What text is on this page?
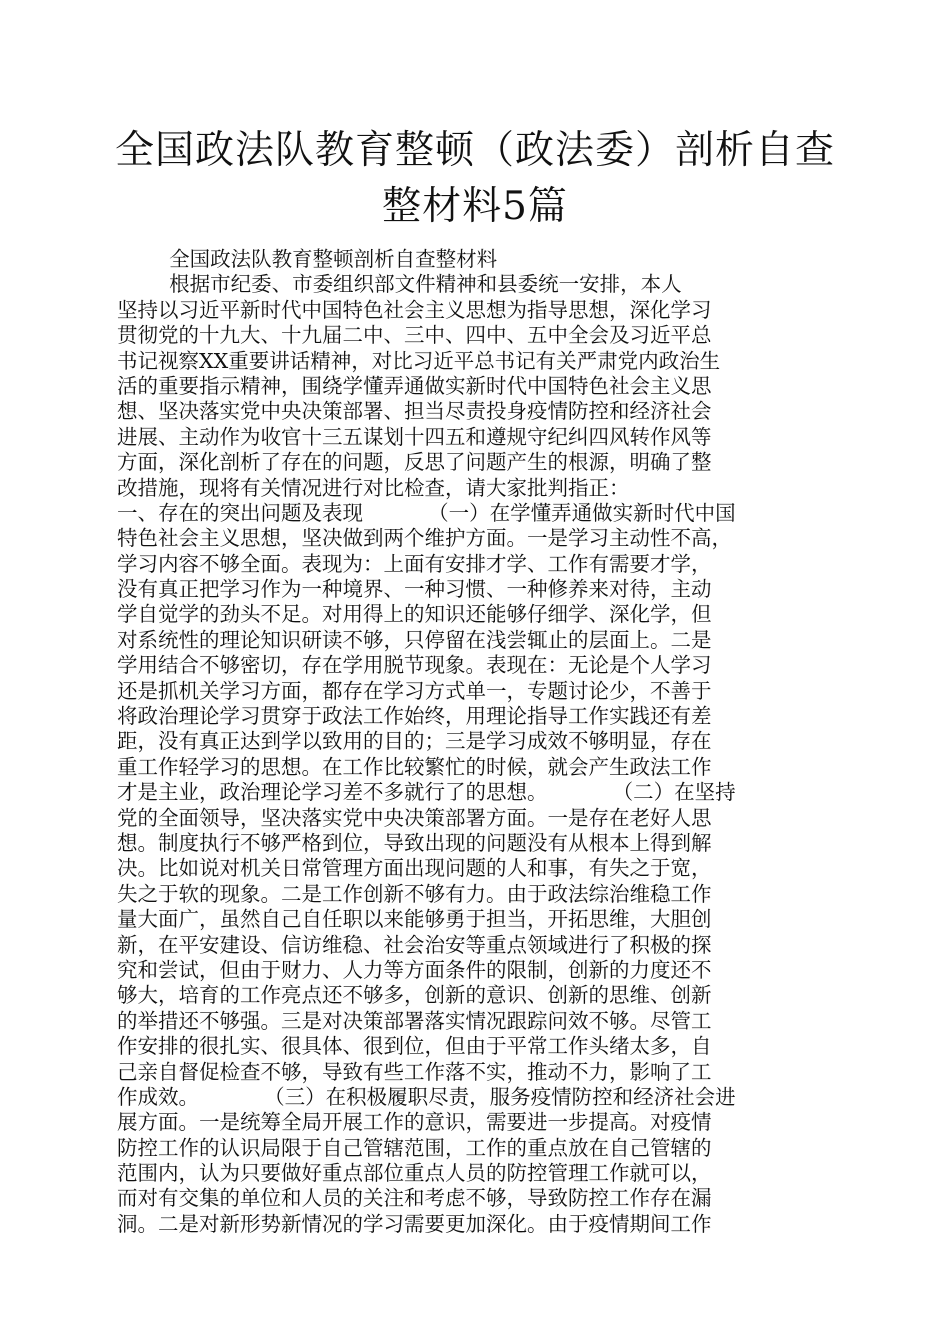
全国政法队教育整顿（政法委）剖析自查
整材料5篇
全国政法队教育整顿剖析自查整材料
根据市纪委、市委组织部文件精神和县委统一安排，本人
坚持以习近平新时代中国特色社会主义思想为指导思想，深化学习
贯彻党的十九大、十九届二中、三中、四中、五中全会及习近平总
书记视察XX重要讲话精神，对比习近平总书记有关严肃党内政治生
活的重要指示精神，围绕学懂弄通做实新时代中国特色社会主义思
想、坚决落实党中央决策部署、担当尽责投身疫情防控和经济社会
进展、主动作为收官十三五谋划十四五和遵规守纪纠四风转作风等
方面，深化剖析了存在的问题，反思了问题产生的根源，明确了整
改措施，现将有关情况进行对比检查，请大家批判指正：
一、存在的突出问题及表现          （一）在学懂弄通做实新时代中国
特色社会主义思想，坚决做到两个维护方面。一是学习主动性不高，
学习内容不够全面。表现为：上面有安排才学、工作有需要才学，
没有真正把学习作为一种境界、一种习惯、一种修养来对待，主动
学自觉学的劲头不足。对用得上的知识还能够仔细学、深化学，但
对系统性的理论知识研读不够，只停留在浅尝辄止的层面上。二是
学用结合不够密切，存在学用脱节现象。表现在：无论是个人学习
还是抓机关学习方面，都存在学习方式单一，专题讨论少，不善于
将政治理论学习贯穿于政法工作始终，用理论指导工作实践还有差
距，没有真正达到学以致用的目的；三是学习成效不够明显，存在
重工作轻学习的思想。在工作比较繁忙的时候，就会产生政法工作
才是主业，政治理论学习差不多就行了的思想。          （二）在坚持
党的全面领导，坚决落实党中央决策部署方面。一是存在老好人思
想。制度执行不够严格到位，导致出现的问题没有从根本上得到解
决。比如说对机关日常管理方面出现问题的人和事，有失之于宽，
失之于软的现象。二是工作创新不够有力。由于政法综治维稳工作
量大面广，虽然自己自任职以来能够勇于担当，开拓思维，大胆创
新，在平安建设、信访维稳、社会治安等重点领域进行了积极的探
究和尝试，但由于财力、人力等方面条件的限制，创新的力度还不
够大，培育的工作亮点还不够多，创新的意识、创新的思维、创新
的举措还不够强。三是对决策部署落实情况跟踪问效不够。尽管工
作安排的很扎实、很具体、很到位，但由于平常工作头绪太多，自
己亲自督促检查不够，导致有些工作落不实，推动不力，影响了工
作成效。          （三）在积极履职尽责，服务疫情防控和经济社会进
展方面。一是统筹全局开展工作的意识，需要进一步提高。对疫情
防控工作的认识局限于自己管辖范围，工作的重点放在自己管辖的
范围内，认为只要做好重点部位重点人员的防控管理工作就可以，
而对有交集的单位和人员的关注和考虑不够，导致防控工作存在漏
洞。二是对新形势新情况的学习需要更加深化。由于疫情期间工作
